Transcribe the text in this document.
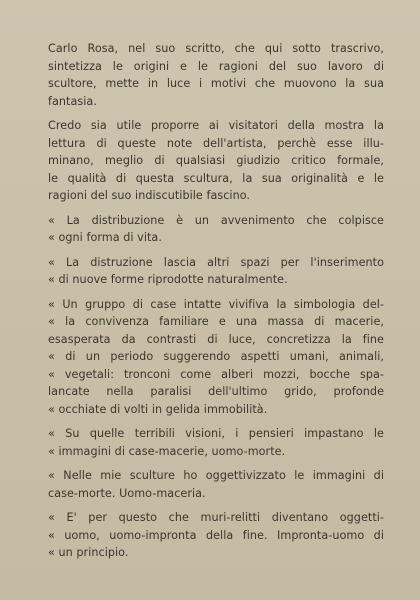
Carlo Rosa, nel suo scritto, che qui sotto trascrivo,
sintetizza le origini e le ragioni del suo lavoro di
scultore, mette in luce i motivi che muovono la sua
fantasia.
Credo sia utile proporre ai visitatori della mostra la
lettura di queste note dell'artista, perchè esse illu-
minano, meglio di qualsiasi giudizio critico formale,
le qualità di questa scultura, la sua originalità e le
ragioni del suo indiscutibile fascino.
« La distribuzione è un avvenimento che colpisce
« ogni forma di vita.
« La distruzione lascia altri spazi per l'inserimento
« di nuove forme riprodotte naturalmente.
« Un gruppo di case intatte vivifiva la simbologia del-
« la convivenza familiare e una massa di macerie,
esasperata da contrasti di luce, concretizza la fine
« di un periodo suggerendo aspetti umani, animali,
« vegetali: tronconi come alberi mozzi, bocche spa-
lancate nella paralisi dell'ultimo grido, profonde
« occhiate di volti in gelida immobilità.
« Su quelle terribili visioni, i pensieri impastano le
« immagini di case-macerie, uomo-morte.
« Nelle mie sculture ho oggettivizzato le immagini di
case-morte. Uomo-maceria.
« E' per questo che muri-relitti diventano oggetti-
« uomo, uomo-impronta della fine. Impronta-uomo di
« un principio.
